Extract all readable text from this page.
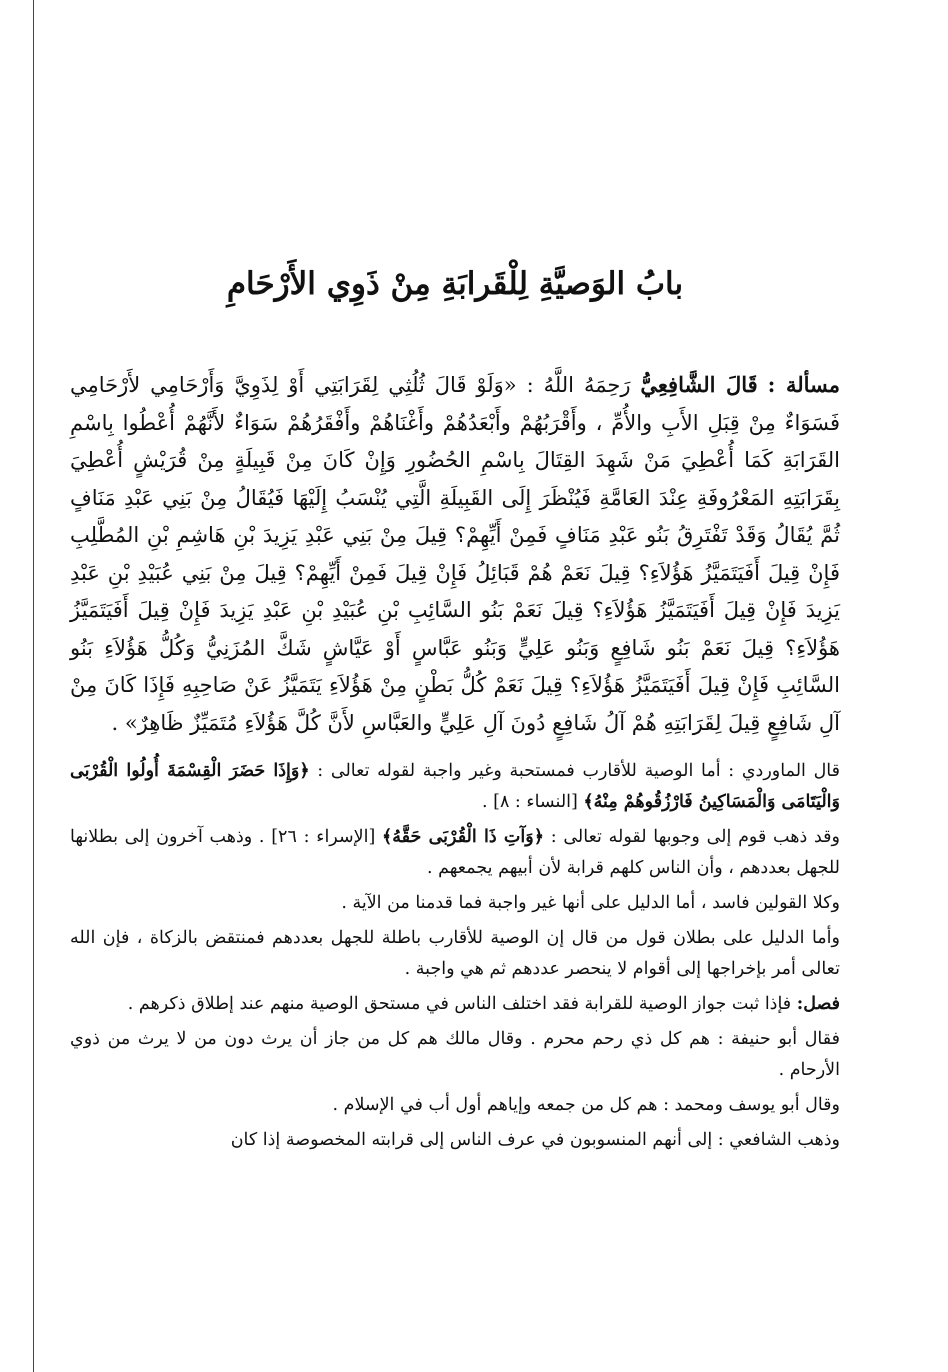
بابُ الوَصيَّةِ لِلْقَرابَةِ مِنْ ذَوِي الأَرْحَامِ

مسألة : قَالَ الشَّافِعِيُّ رَحِمَهُ اللَّهُ : «وَلَوْ قَالَ ثُلُثِي لِقَرَابَتِي أَوْ لِذَوِيَّ وَأَرْحَامِي لأَرْحَامِي فَسَوَاءٌ مِنْ قِبَلِ الأَبِ والأُمِّ ، وأَقْرَبُهُمْ وأَبْعَدُهُمْ وأَغْنَاهُمْ وأَفْقَرُهُمْ سَوَاءٌ لأَنَّهُمْ أُعْطُوا بِاسْمِ القَرَابَةِ كَمَا أُعْطِيَ مَنْ شَهِدَ القِتَالَ بِاسْمِ الحُضُورِ وَإِنْ كَانَ مِنْ قَبِيلَةٍ مِنْ قُرَيْشٍ أُعْطِيَ بِقَرَابَتِهِ المَعْرُوفَةِ عِنْدَ العَامَّةِ فَيُنْظَرَ إِلَى القَبِيلَةِ الَّتِي يُنْسَبُ إِلَيْهَا فَيُقَالُ مِنْ بَنِي عَبْدِ مَنَافٍ ثُمَّ يُقَالُ وَقَدْ تَفْتَرِقُ بَنُو عَبْدِ مَنَافٍ فَمِنْ أَيِّهِمْ؟ قِيلَ مِنْ بَنِي عَبْدِ يَزِيدَ بْنِ هَاشِمِ بْنِ المُطَّلِبِ فَإِنْ قِيلَ أَفَيَتَمَيَّزُ هَؤُلاَءِ؟ قِيلَ نَعَمْ هُمْ قَبَائِلُ فَإِنْ قِيلَ فَمِنْ أَيِّهِمْ؟ قِيلَ مِنْ بَنِي عُبَيْدِ بْنِ عَبْدِ يَزِيدَ فَإِنْ قِيلَ أَفَيَتَمَيَّزُ هَؤُلاَءِ؟ قِيلَ نَعَمْ بَنُو السَّائِبِ بْنِ عُبَيْدِ بْنِ عَبْدِ يَزِيدَ فَإِنْ قِيلَ أَفَيَتَمَيَّزُ هَؤُلاَءِ؟ قِيلَ نَعَمْ بَنُو شَافِعٍ وَبَنُو عَلِيٍّ وَبَنُو عَبَّاسٍ أَوْ عَيَّاشٍ شَكَّ المُزَنِيُّ وَكُلُّ هَؤُلاَءِ بَنُو السَّائِبِ فَإِنْ قِيلَ أَفَيَتَمَيَّزُ هَؤُلاَءِ؟ قِيلَ نَعَمْ كُلُّ بَطْنٍ مِنْ هَؤُلاَءِ يَتَمَيَّزُ عَنْ صَاحِبِهِ فَإِذَا كَانَ مِنْ آلِ شَافِعٍ قِيلَ لِقَرَابَتِهِ هُمْ آلُ شَافِعٍ دُونَ آلِ عَلِيٍّ والعَبَّاسِ لأَنَّ كُلَّ هَؤُلاَءِ مُتَمَيِّزٌ ظَاهِرٌ» .

قال الماوردي : أما الوصية للأقارب فمستحبة وغير واجبة لقوله تعالى : ﴿وَإِذَا حَضَرَ الْقِسْمَةَ أُولُوا الْقُرْبَى وَالْيَتَامَى وَالْمَسَاكِينُ فَارْزُقُوهُمْ مِنْهُ﴾ [النساء : ٨] .

وقد ذهب قوم إلى وجوبها لقوله تعالى : ﴿وَآتِ ذَا الْقُرْبَى حَقَّهُ﴾ [الإسراء : ٢٦] . وذهب آخرون إلى بطلانها للجهل بعددهم ، وأن الناس كلهم قرابة لأن أبيهم يجمعهم .

وكلا القولين فاسد ، أما الدليل على أنها غير واجبة فما قدمنا من الآية .

وأما الدليل على بطلان قول من قال إن الوصية للأقارب باطلة للجهل بعددهم فمنتقض بالزكاة ، فإن الله تعالى أمر بإخراجها إلى أقوام لا ينحصر عددهم ثم هي واجبة .

فصل: فإذا ثبت جواز الوصية للقرابة فقد اختلف الناس في مستحق الوصية منهم عند إطلاق ذكرهم .

فقال أبو حنيفة : هم كل ذي رحم محرم . وقال مالك هم كل من جاز أن يرث دون من لا يرث من ذوي الأرحام .

وقال أبو يوسف ومحمد : هم كل من جمعه وإياهم أول أب في الإسلام .

وذهب الشافعي : إلى أنهم المنسوبون في عرف الناس إلى قرابته المخصوصة إذا كان
